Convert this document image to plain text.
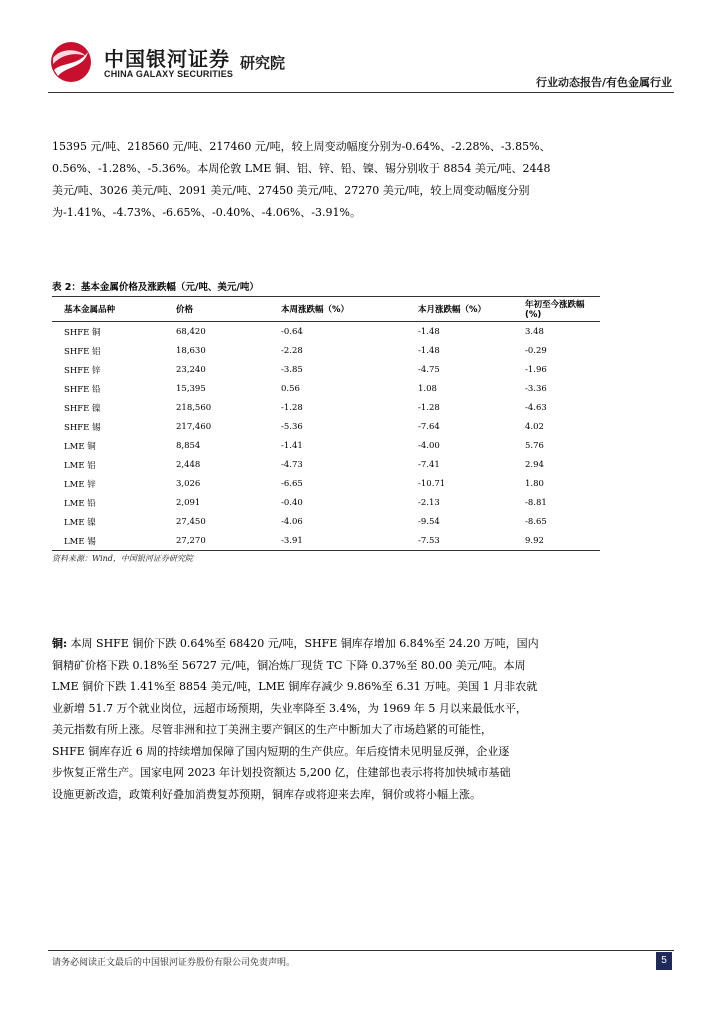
中国银河证券
CHINA GALAXY SECURITIES
研究院
行业动态报告/有色金属行业
15395 元/吨、218560 元/吨、217460 元/吨，较上周变动幅度分别为-0.64%、-2.28%、-3.85%、
0.56%、-1.28%、-5.36%。本周伦敦 LME 铜、铝、锌、铅、镍、锡分别收于 8854 美元/吨、2448
美元/吨、3026 美元/吨、2091 美元/吨、27450 美元/吨、27270 美元/吨，较上周变动幅度分别
为-1.41%、-4.73%、-6.65%、-0.40%、-4.06%、-3.91%。
表 2：基本金属价格及涨跌幅（元/吨、美元/吨）
基本金属品种	价格	本周涨跌幅（%）	本月涨跌幅（%）	年初至今涨跌幅(%)
SHFE 铜	68,420	-0.64	-1.48	3.48
SHFE 铝	18,630	-2.28	-1.48	-0.29
SHFE 锌	23,240	-3.85	-4.75	-1.96
SHFE 铅	15,395	0.56	1.08	-3.36
SHFE 镍	218,560	-1.28	-1.28	-4.63
SHFE 锡	217,460	-5.36	-7.64	4.02
LME 铜	8,854	-1.41	-4.00	5.76
LME 铝	2,448	-4.73	-7.41	2.94
LME 锌	3,026	-6.65	-10.71	1.80
LME 铅	2,091	-0.40	-2.13	-8.81
LME 镍	27,450	-4.06	-9.54	-8.65
LME 锡	27,270	-3.91	-7.53	9.92
资料来源：Wind，中国银河证券研究院
铜: 本周 SHFE 铜价下跌 0.64%至 68420 元/吨，SHFE 铜库存增加 6.84%至 24.20 万吨，国内
铜精矿价格下跌 0.18%至 56727 元/吨，铜冶炼厂现货 TC 下降 0.37%至 80.00 美元/吨。本周
LME 铜价下跌 1.41%至 8854 美元/吨，LME 铜库存减少 9.86%至 6.31 万吨。美国 1 月非农就
业新增 51.7 万个就业岗位，远超市场预期，失业率降至 3.4%，为 1969 年 5 月以来最低水平，
美元指数有所上涨。尽管非洲和拉丁美洲主要产铜区的生产中断加大了市场趋紧的可能性，
SHFE 铜库存近 6 周的持续增加保障了国内短期的生产供应。年后疫情未见明显反弹，企业逐
步恢复正常生产。国家电网 2023 年计划投资额达 5,200 亿，住建部也表示将将加快城市基础
设施更新改造，政策利好叠加消费复苏预期，铜库存或将迎来去库，铜价或将小幅上涨。
请务必阅读正文最后的中国银河证券股份有限公司免责声明。	5
